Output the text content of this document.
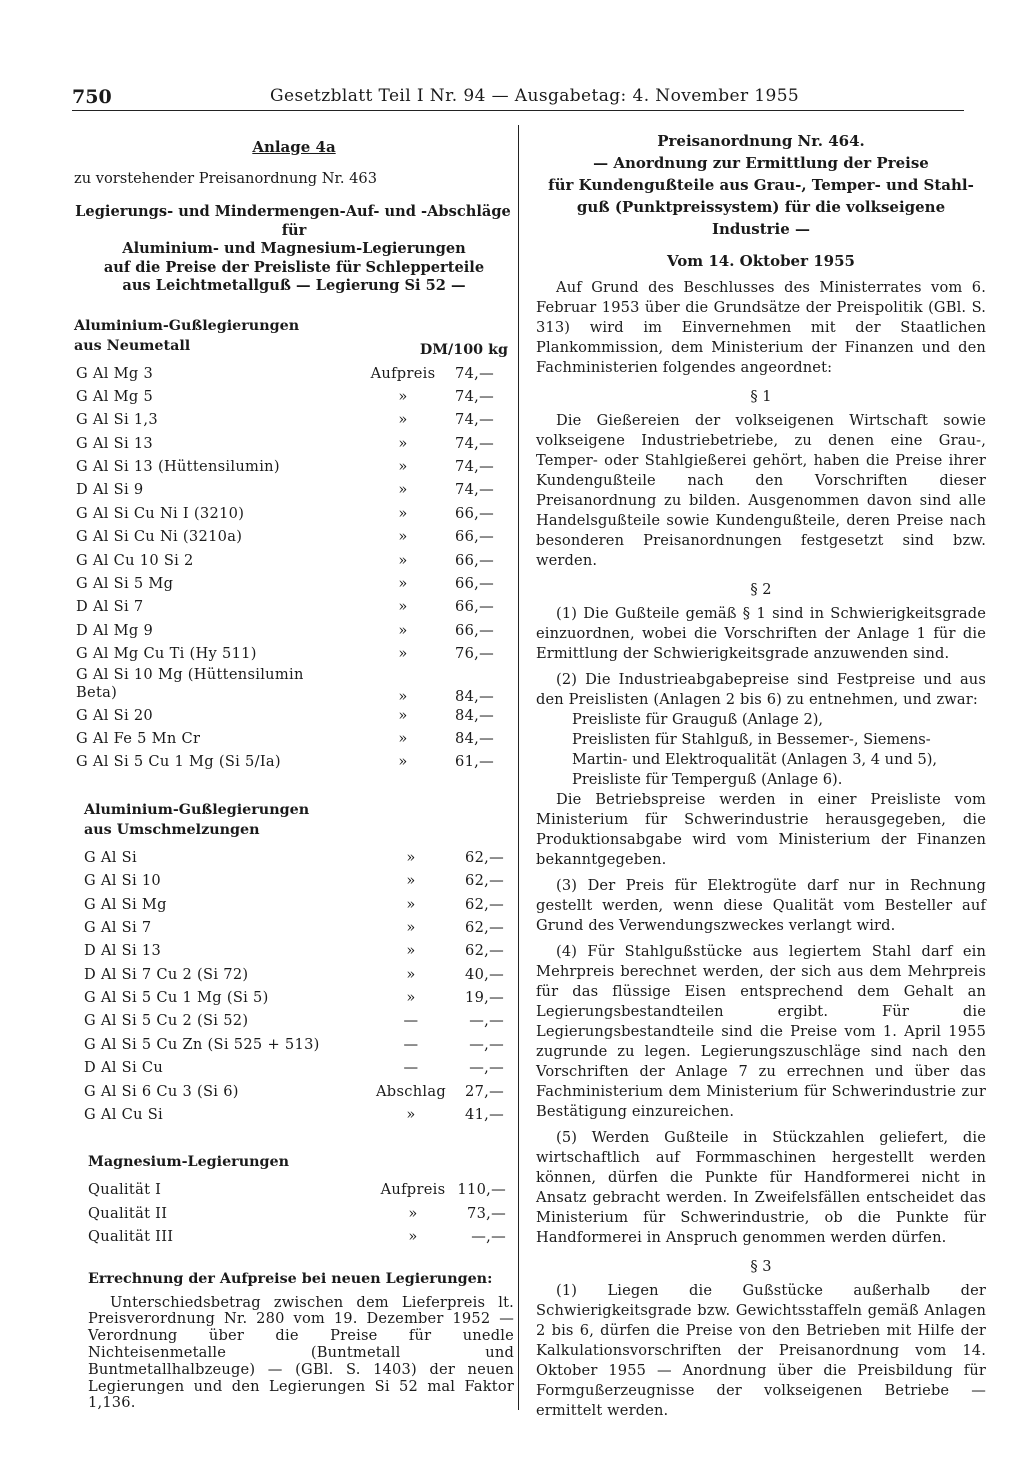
750	Gesetzblatt Teil I Nr. 94 — Ausgabetag: 4. November 1955
Anlage 4a

zu vorstehender Preisanordnung Nr. 463

Legierungs- und Mindermengen-Auf- und -Abschläge

für

Aluminium- und Magnesium-Legierungen

auf die Preise der Preisliste für Schlepperteile

aus Leichtmetallguß — Legierung Si 52 —

Aluminium-Gußlegierungen
aus Neumetall	DM/100 kg
G Al Mg 3	Aufpreis	74,—
G Al Mg 5	»	74,—
G Al Si 1,3	»	74,—
G Al Si 13	»	74,—
G Al Si 13 (Hüttensilumin)	»	74,—
D Al Si 9	»	74,—
G Al Si Cu Ni I (3210)	»	66,—
G Al Si Cu Ni (3210a)	»	66,—
G Al Cu 10 Si 2	»	66,—
G Al Si 5 Mg	»	66,—
D Al Si 7	»	66,—
D Al Mg 9	»	66,—
G Al Mg Cu Ti (Hy 511)	»	76,—
G Al Si 10 Mg (Hüttensilumin Beta)	»	84,—
G Al Si 20	»	84,—
G Al Fe 5 Mn Cr	»	84,—
G Al Si 5 Cu 1 Mg (Si 5/Ia)	»	61,—
Aluminium-Gußlegierungen
aus Umschmelzungen
G Al Si	»	62,—
G Al Si 10	»	62,—
G Al Si Mg	»	62,—
G Al Si 7	»	62,—
D Al Si 13	»	62,—
D Al Si 7 Cu 2 (Si 72)	»	40,—
G Al Si 5 Cu 1 Mg (Si 5)	»	19,—
G Al Si 5 Cu 2 (Si 52)	—	—,—
G Al Si 5 Cu Zn (Si 525 + 513)	—	—,—
D Al Si Cu	—	—,—
G Al Si 6 Cu 3 (Si 6)	Abschlag	27,—
G Al Cu Si	»	41,—
Magnesium-Legierungen
Qualität I	Aufpreis 110,—
Qualität II	»	73,—
Qualität III	»	—,—
Errechnung der Aufpreise bei neuen Legierungen:

Unterschiedsbetrag zwischen dem Lieferpreis lt. Preisverordnung Nr. 280 vom 19. Dezember 1952 — Verordnung über die Preise für unedle Nichteisenmetalle (Buntmetall und Buntmetallhalbzeuge) — (GBl. S. 1403) der neuen Legierungen und den Legierungen Si 52 mal Faktor 1,136.

Preisanordnung Nr. 464.

— Anordnung zur Ermittlung der Preise

für Kundengußteile aus Grau-, Temper- und Stahl-

guß (Punktpreissystem) für die volkseigene

Industrie —

Vom 14. Oktober 1955

Auf Grund des Beschlusses des Ministerrates vom 6. Februar 1953 über die Grundsätze der Preispolitik (GBl. S. 313) wird im Einvernehmen mit der Staatlichen Plankommission, dem Ministerium der Finanzen und den Fachministerien folgendes angeordnet:

§ 1

Die Gießereien der volkseigenen Wirtschaft sowie volkseigene Industriebetriebe, zu denen eine Grau-, Temper- oder Stahlgießerei gehört, haben die Preise ihrer Kundengußteile nach den Vorschriften dieser Preisanordnung zu bilden. Ausgenommen davon sind alle Handelsgußteile sowie Kundengußteile, deren Preise nach besonderen Preisanordnungen festgesetzt sind bzw. werden.

§ 2

(1) Die Gußteile gemäß § 1 sind in Schwierigkeitsgrade einzuordnen, wobei die Vorschriften der Anlage 1 für die Ermittlung der Schwierigkeitsgrade anzuwenden sind.

(2) Die Industrieabgabepreise sind Festpreise und aus den Preislisten (Anlagen 2 bis 6) zu entnehmen, und zwar:

Preisliste für Grauguß (Anlage 2),
Preislisten für Stahlguß, in Bessemer-, Siemens-
Martin- und Elektroqualität (Anlagen 3, 4 und 5),
Preisliste für Temperguß (Anlage 6).

Die Betriebspreise werden in einer Preisliste vom Ministerium für Schwerindustrie herausgegeben, die Produktionsabgabe wird vom Ministerium der Finanzen bekanntgegeben.

(3) Der Preis für Elektrogüte darf nur in Rechnung gestellt werden, wenn diese Qualität vom Besteller auf Grund des Verwendungszweckes verlangt wird.

(4) Für Stahlgußstücke aus legiertem Stahl darf ein Mehrpreis berechnet werden, der sich aus dem Mehrpreis für das flüssige Eisen entsprechend dem Gehalt an Legierungsbestandteilen ergibt. Für die Legierungsbestandteile sind die Preise vom 1. April 1955 zugrunde zu legen. Legierungszuschläge sind nach den Vorschriften der Anlage 7 zu errechnen und über das Fachministerium dem Ministerium für Schwerindustrie zur Bestätigung einzureichen.

(5) Werden Gußteile in Stückzahlen geliefert, die wirtschaftlich auf Formmaschinen hergestellt werden können, dürfen die Punkte für Handformerei nicht in Ansatz gebracht werden. In Zweifelsfällen entscheidet das Ministerium für Schwerindustrie, ob die Punkte für Handformerei in Anspruch genommen werden dürfen.

§ 3

(1) Liegen die Gußstücke außerhalb der Schwierigkeitsgrade bzw. Gewichtsstaffeln gemäß Anlagen 2 bis 6, dürfen die Preise von den Betrieben mit Hilfe der Kalkulationsvorschriften der Preisanordnung vom 14. Oktober 1955 — Anordnung über die Preisbildung für Formgußerzeugnisse der volkseigenen Betriebe — ermittelt werden.
